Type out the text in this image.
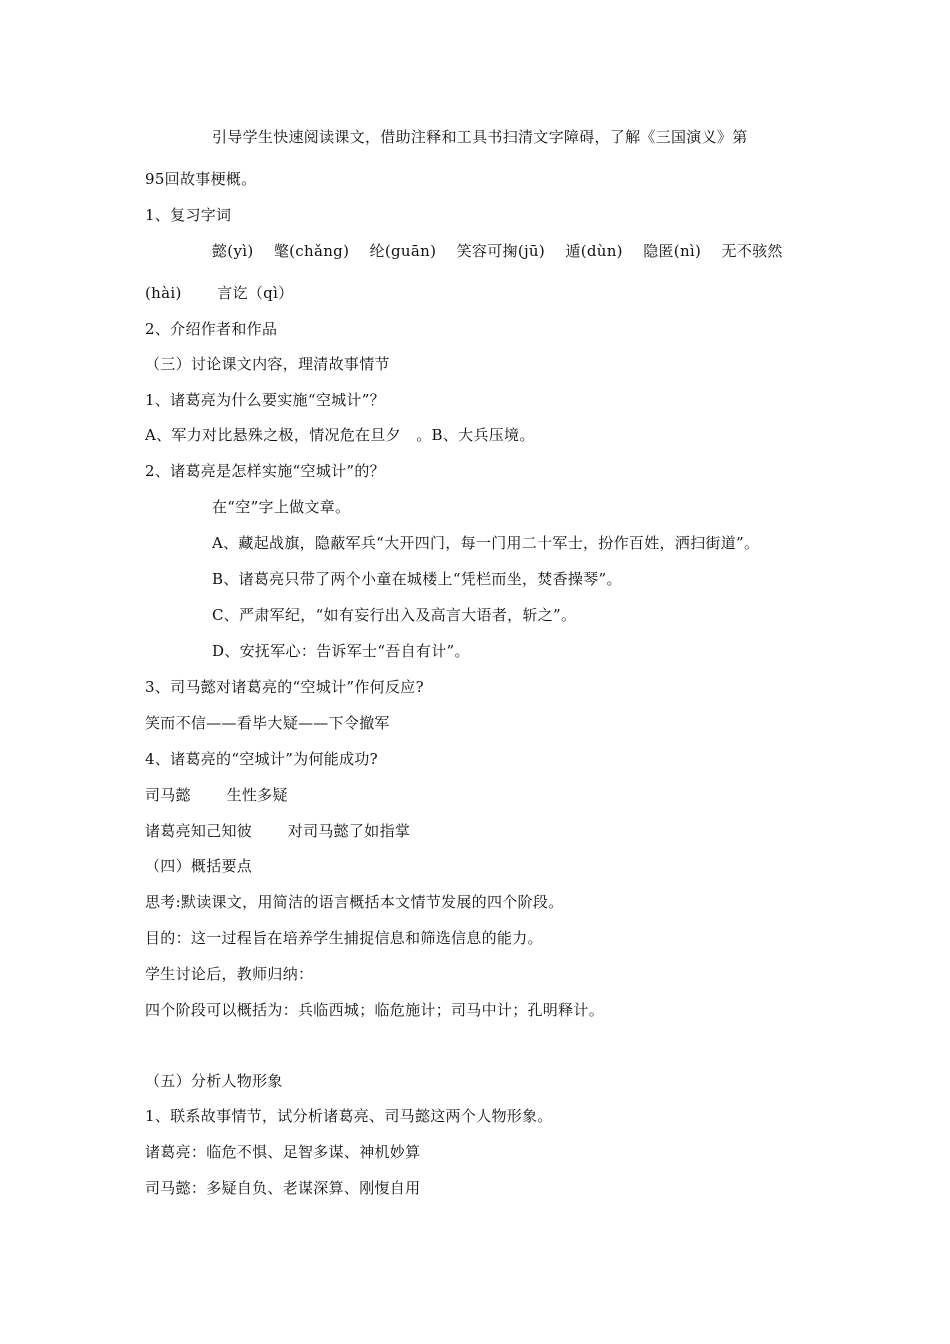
引导学生快速阅读课文，借助注释和工具书扫清文字障碍，了解《三国演义》第
95回故事梗概。
1、复习字词
懿(yì)　 氅(chǎng)　 纶(guān)　 笑容可掬(jū)　 遁(dùn)　 隐匿(nì)　 无不骇然
(hài)　　 言讫（qì）
2、介绍作者和作品
（三）讨论课文内容，理清故事情节
1、诸葛亮为什么要实施“空城计”？
A、军力对比悬殊之极，情况危在旦夕　。B、大兵压境。
2、诸葛亮是怎样实施“空城计”的？
在“空”字上做文章。
A、藏起战旗，隐蔽军兵“大开四门，每一门用二十军士，扮作百姓，洒扫街道”。
B、诸葛亮只带了两个小童在城楼上“凭栏而坐，焚香操琴”。
C、严肃军纪，“如有妄行出入及高言大语者，斩之”。
D、安抚军心：告诉军士“吾自有计”。
3、司马懿对诸葛亮的“空城计”作何反应?
笑而不信——看毕大疑——下令撤军
4、诸葛亮的“空城计”为何能成功?
司马懿　　 生性多疑
诸葛亮知己知彼　　 对司马懿了如指掌
（四）概括要点
思考:默读课文，用简洁的语言概括本文情节发展的四个阶段。
目的：这一过程旨在培养学生捕捉信息和筛选信息的能力。
学生讨论后，教师归纳：
四个阶段可以概括为：兵临西城；临危施计；司马中计；孔明释计。
（五）分析人物形象
1、联系故事情节，试分析诸葛亮、司马懿这两个人物形象。
诸葛亮：临危不惧、足智多谋、神机妙算
司马懿：多疑自负、老谋深算、刚愎自用
